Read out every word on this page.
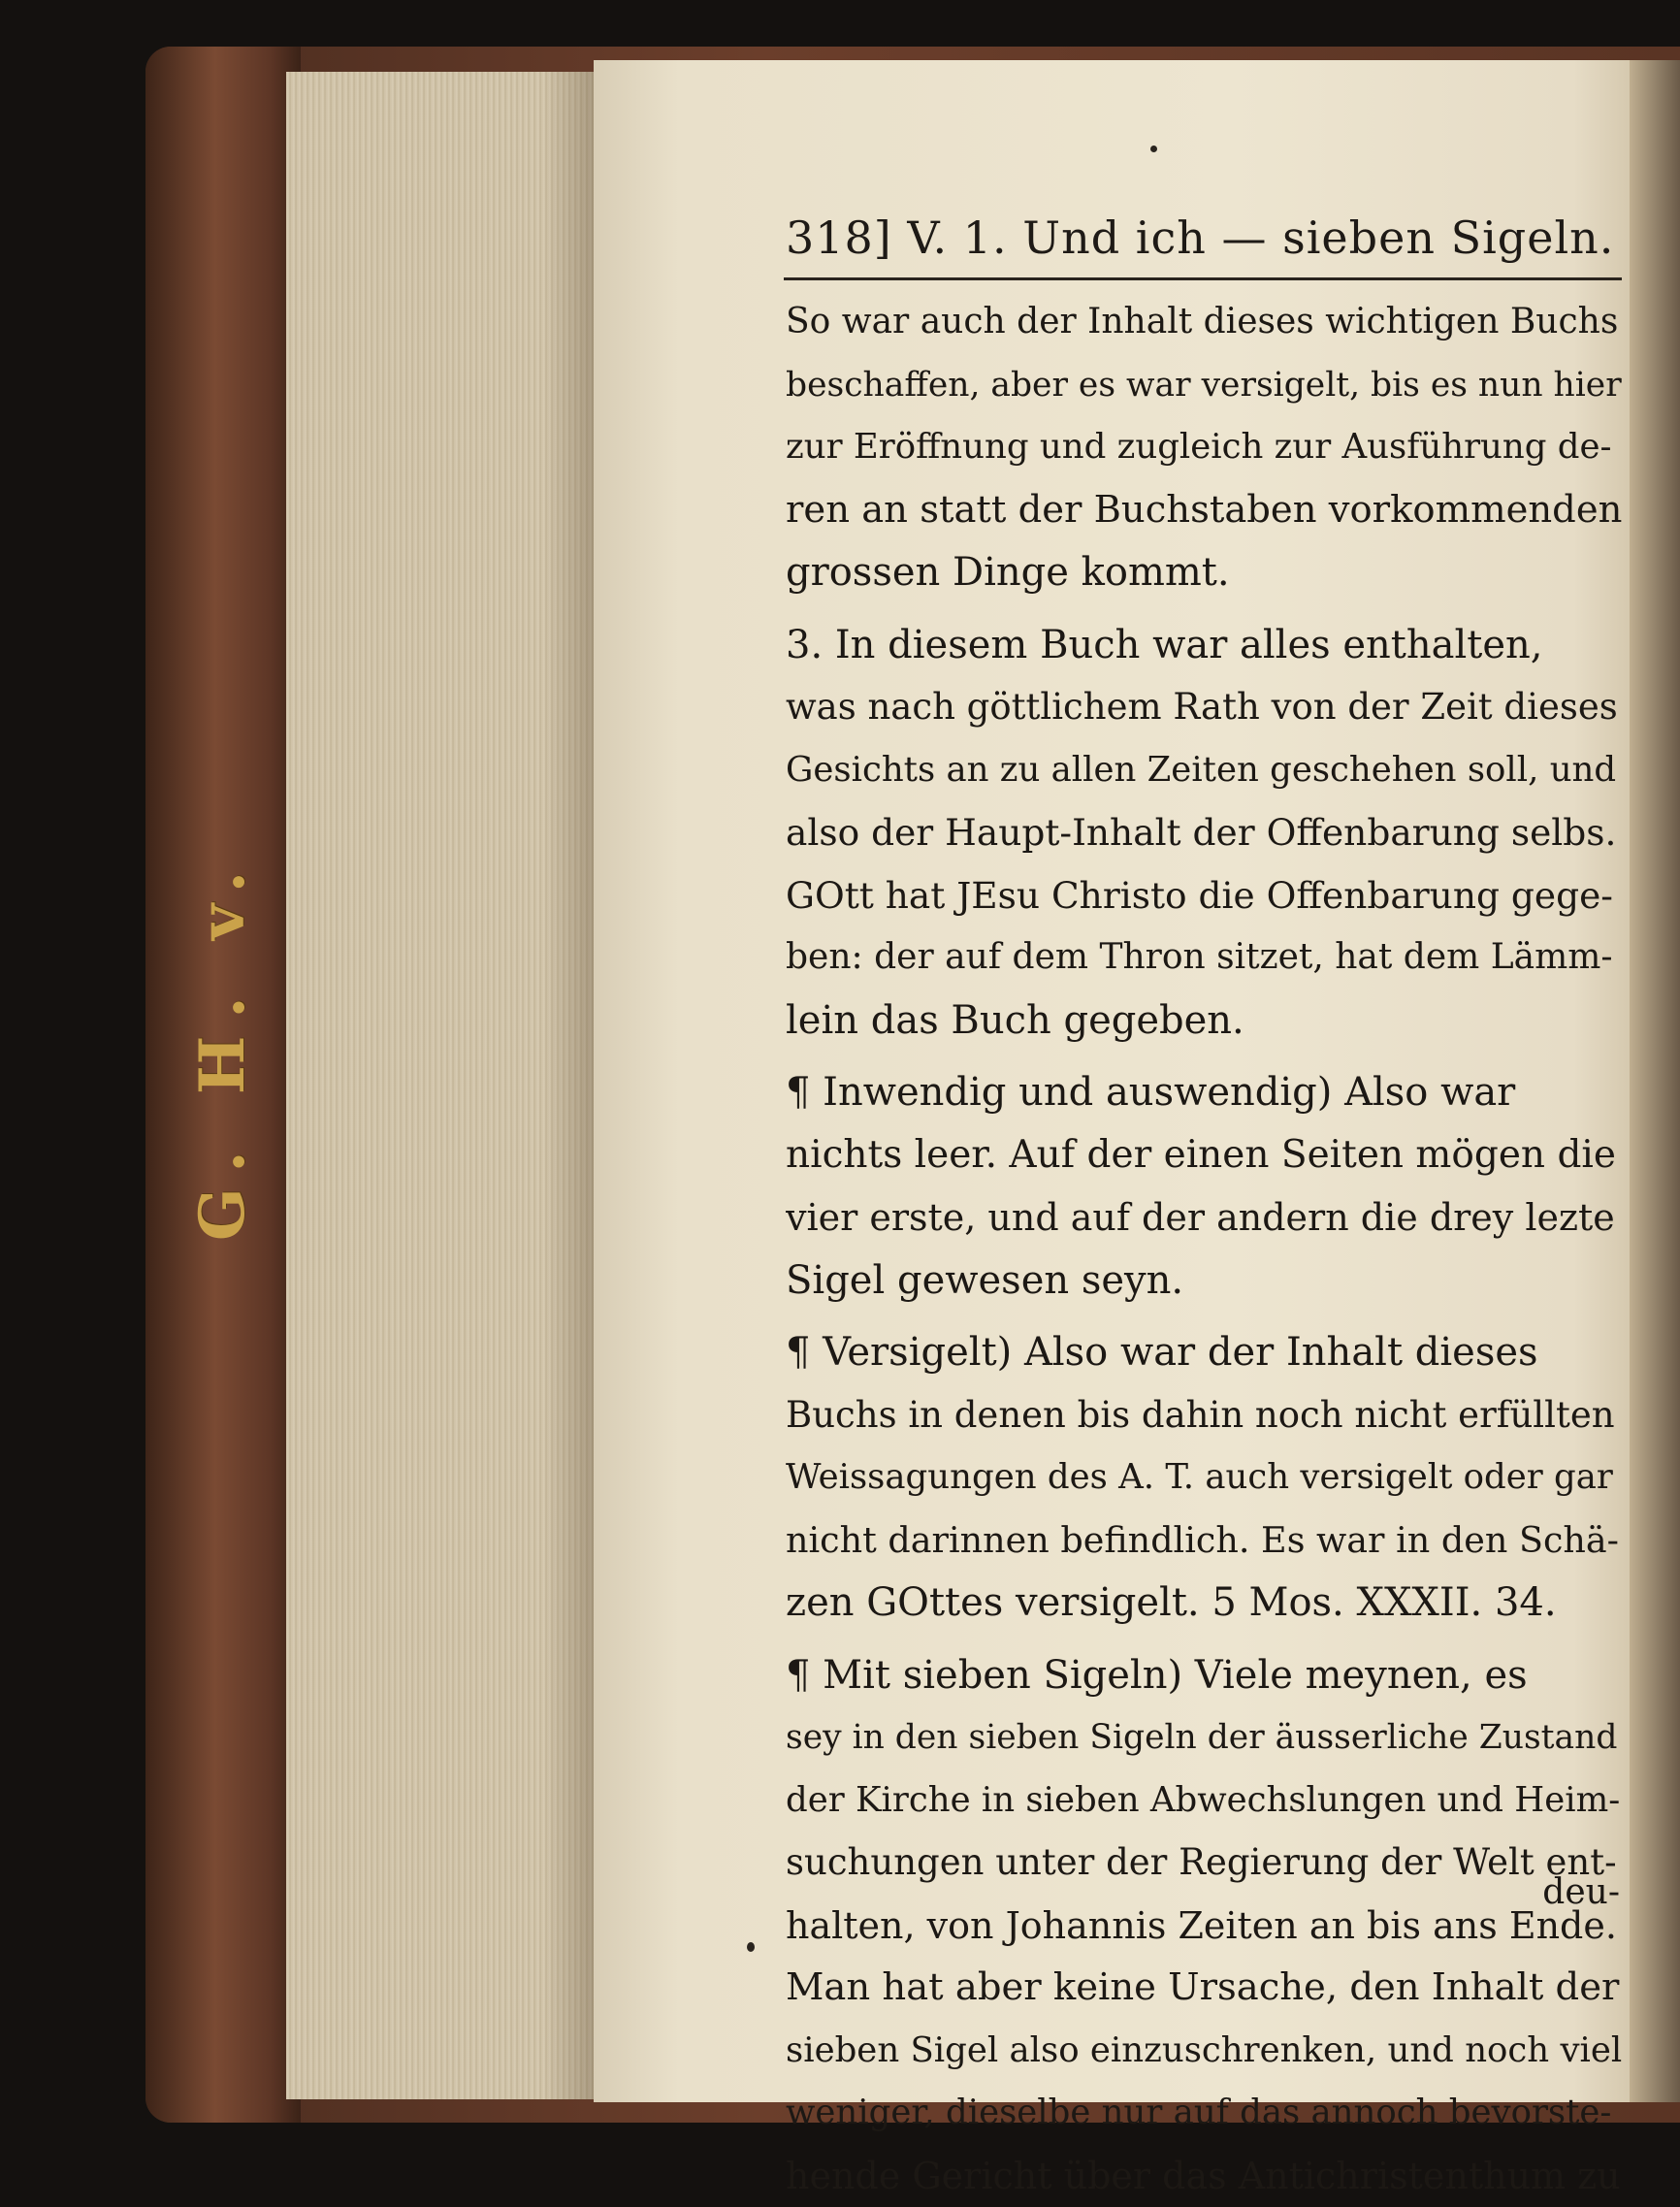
G. H. v.
318] V. 1. Und ich — sieben Sigeln.
So war auch der Inhalt dieses wichtigen Buchs
beschaffen, aber es war versigelt, bis es nun hier
zur Eröffnung und zugleich zur Ausführung de-
ren an statt der Buchstaben vorkommenden
grossen Dinge kommt.
3. In diesem Buch war alles enthalten,
was nach göttlichem Rath von der Zeit dieses
Gesichts an zu allen Zeiten geschehen soll, und
also der Haupt-Inhalt der Offenbarung selbs.
GOtt hat JEsu Christo die Offenbarung gege-
ben: der auf dem Thron sitzet, hat dem Lämm-
lein das Buch gegeben.
¶ Inwendig und auswendig) Also war
nichts leer. Auf der einen Seiten mögen die
vier erste, und auf der andern die drey lezte
Sigel gewesen seyn.
¶ Versigelt) Also war der Inhalt dieses
Buchs in denen bis dahin noch nicht erfüllten
Weissagungen des A. T. auch versigelt oder gar
nicht darinnen befindlich. Es war in den Schä-
zen GOttes versigelt. 5 Mos. XXXII. 34.
¶ Mit sieben Sigeln) Viele meynen, es
sey in den sieben Sigeln der äusserliche Zustand
der Kirche in sieben Abwechslungen und Heim-
suchungen unter der Regierung der Welt ent-
halten, von Johannis Zeiten an bis ans Ende.
Man hat aber keine Ursache, den Inhalt der
sieben Sigel also einzuschrenken, und noch viel
weniger, dieselbe nur auf das annoch bevorste-
hende Gericht über das Antichristenthum zu
deu-
